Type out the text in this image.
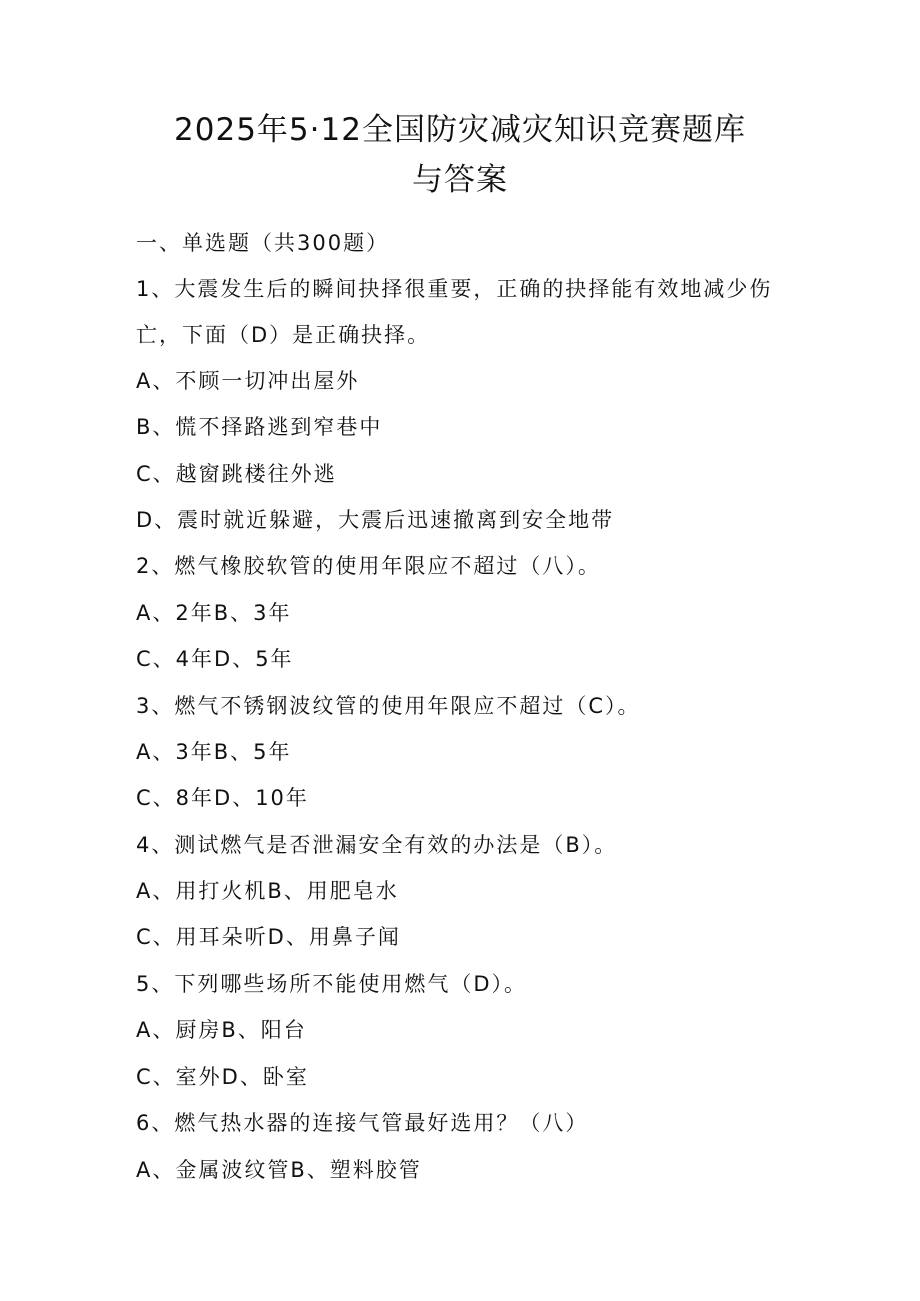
2025年5·12全国防灾减灾知识竞赛题库
与答案

一、单选题（共300题）

1、大震发生后的瞬间抉择很重要，正确的抉择能有效地减少伤

亡，下面（D）是正确抉择。

A、不顾一切冲出屋外

B、慌不择路逃到窄巷中

C、越窗跳楼往外逃

D、震时就近躲避，大震后迅速撤离到安全地带

2、燃气橡胶软管的使用年限应不超过（八）。

A、2年B、3年

C、4年D、5年

3、燃气不锈钢波纹管的使用年限应不超过（C）。

A、3年B、5年

C、8年D、10年

4、测试燃气是否泄漏安全有效的办法是（B）。

A、用打火机B、用肥皂水

C、用耳朵听D、用鼻子闻

5、下列哪些场所不能使用燃气（D）。

A、厨房B、阳台

C、室外D、卧室

6、燃气热水器的连接气管最好选用？（八）

A、金属波纹管B、塑料胶管
